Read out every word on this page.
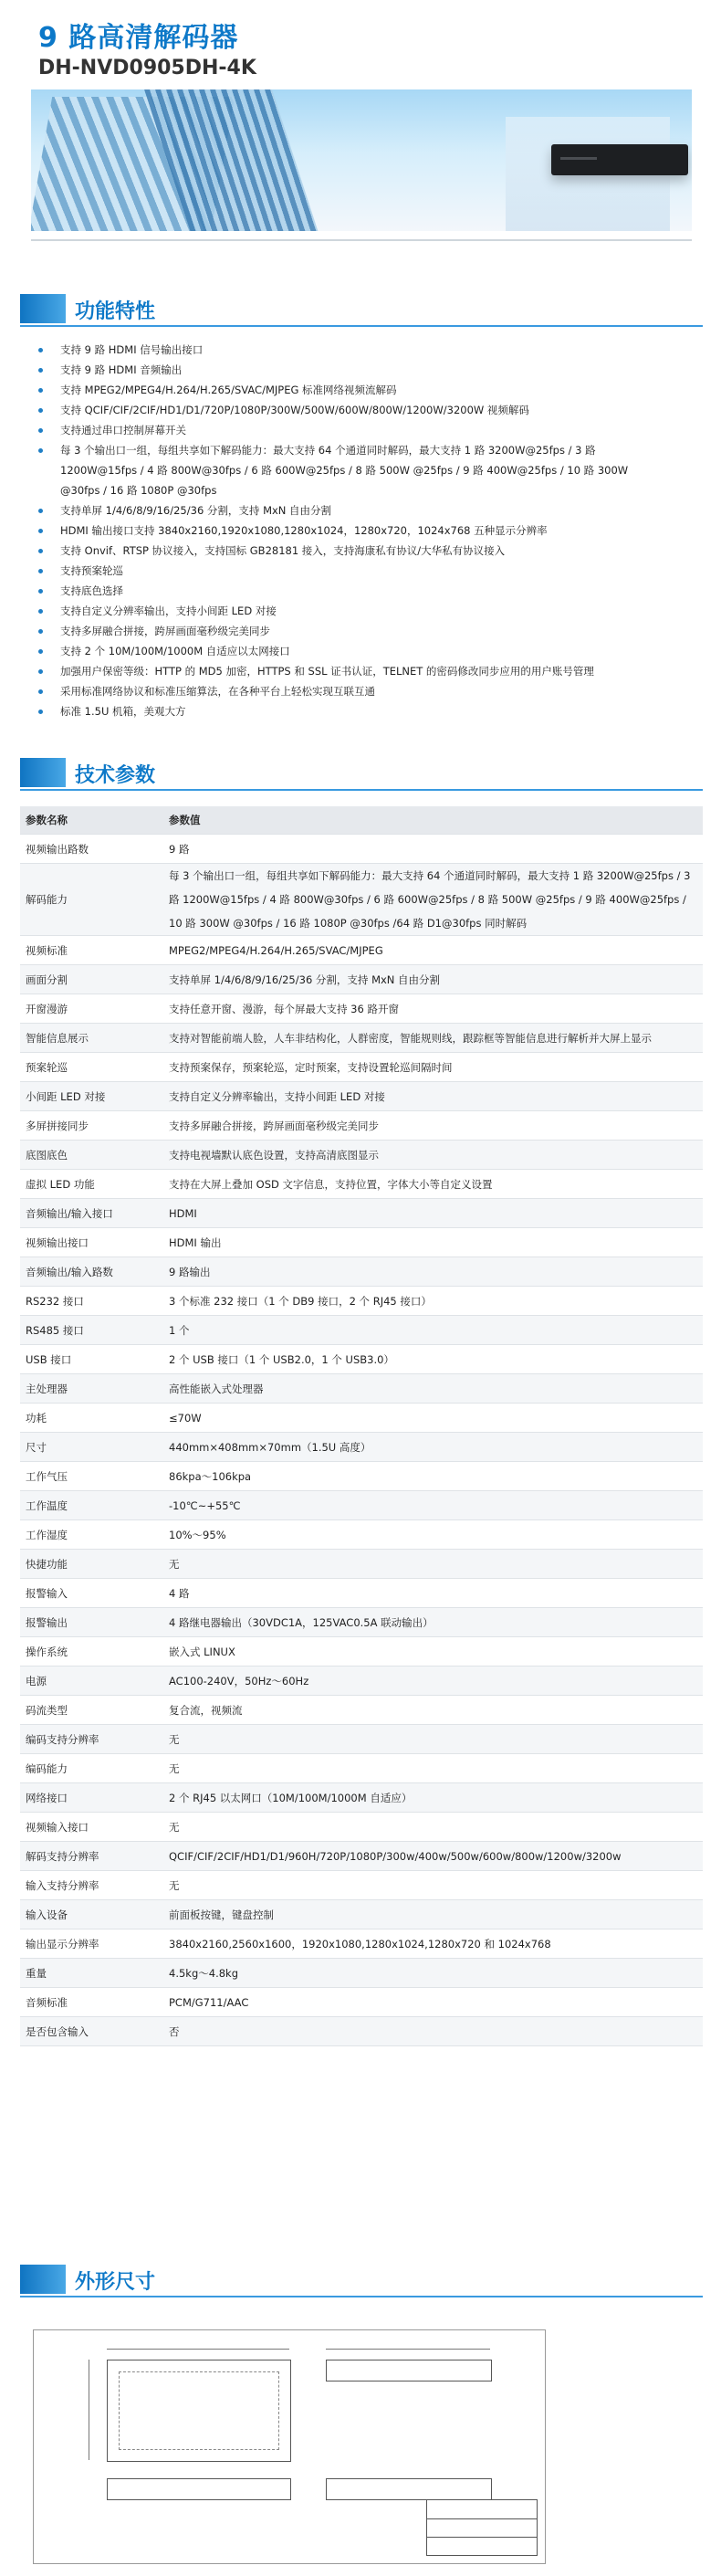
9 路高清解码器
DH-NVD0905DH-4K
功能特性
支持 9 路 HDMI 信号输出接口
支持 9 路 HDMI 音频输出
支持 MPEG2/MPEG4/H.264/H.265/SVAC/MJPEG 标准网络视频流解码
支持 QCIF/CIF/2CIF/HD1/D1/720P/1080P/300W/500W/600W/800W/1200W/3200W 视频解码
支持通过串口控制屏幕开关
每 3 个输出口一组，每组共享如下解码能力：最大支持 64 个通道同时解码，最大支持 1 路 3200W@25fps / 3 路 1200W@15fps / 4 路 800W@30fps / 6 路 600W@25fps / 8 路 500W @25fps / 9 路 400W@25fps / 10 路 300W @30fps / 16 路 1080P @30fps
支持单屏 1/4/6/8/9/16/25/36 分割，支持 MxN 自由分割
HDMI 输出接口支持 3840x2160,1920x1080,1280x1024，1280x720，1024x768 五种显示分辨率
支持 Onvif、RTSP 协议接入，支持国标 GB28181 接入，支持海康私有协议/大华私有协议接入
支持预案轮巡
支持底色选择
支持自定义分辨率输出，支持小间距 LED 对接
支持多屏融合拼接，跨屏画面毫秒级完美同步
支持 2 个 10M/100M/1000M 自适应以太网接口
加强用户保密等级：HTTP 的 MD5 加密，HTTPS 和 SSL 证书认证，TELNET 的密码修改同步应用的用户账号管理
采用标准网络协议和标准压缩算法，在各种平台上轻松实现互联互通
标准 1.5U 机箱，美观大方
技术参数
参数名称	参数值
视频输出路数	9 路
解码能力	每 3 个输出口一组，每组共享如下解码能力：最大支持 64 个通道同时解码，最大支持 1 路 3200W@25fps / 3 路 1200W@15fps / 4 路 800W@30fps / 6 路 600W@25fps / 8 路 500W @25fps / 9 路 400W@25fps / 10 路 300W @30fps / 16 路 1080P @30fps /64 路 D1@30fps 同时解码
视频标准	MPEG2/MPEG4/H.264/H.265/SVAC/MJPEG
画面分割	支持单屏 1/4/6/8/9/16/25/36 分割，支持 MxN 自由分割
开窗漫游	支持任意开窗、漫游，每个屏最大支持 36 路开窗
智能信息展示	支持对智能前端人脸，人车非结构化，人群密度，智能规则线，跟踪框等智能信息进行解析并大屏上显示
预案轮巡	支持预案保存，预案轮巡，定时预案，支持设置轮巡间隔时间
小间距 LED 对接	支持自定义分辨率输出，支持小间距 LED 对接
多屏拼接同步	支持多屏融合拼接，跨屏画面毫秒级完美同步
底图底色	支持电视墙默认底色设置，支持高清底图显示
虚拟 LED 功能	支持在大屏上叠加 OSD 文字信息，支持位置，字体大小等自定义设置
音频输出/输入接口	HDMI
视频输出接口	HDMI 输出
音频输出/输入路数	9 路输出
RS232 接口	3 个标准 232 接口（1 个 DB9 接口，2 个 RJ45 接口）
RS485 接口	1 个
USB 接口	2 个 USB 接口（1 个 USB2.0，1 个 USB3.0）
主处理器	高性能嵌入式处理器
功耗	≤70W
尺寸	440mm×408mm×70mm（1.5U 高度）
工作气压	86kpa～106kpa
工作温度	-10℃~+55℃
工作湿度	10%～95%
快捷功能	无
报警输入	4 路
报警输出	4 路继电器输出（30VDC1A，125VAC0.5A 联动输出）
操作系统	嵌入式 LINUX
电源	AC100-240V，50Hz～60Hz
码流类型	复合流，视频流
编码支持分辨率	无
编码能力	无
网络接口	2 个 RJ45 以太网口（10M/100M/1000M 自适应）
视频输入接口	无
解码支持分辨率	QCIF/CIF/2CIF/HD1/D1/960H/720P/1080P/300w/400w/500w/600w/800w/1200w/3200w
输入支持分辨率	无
输入设备	前面板按键，键盘控制
输出显示分辨率	3840x2160,2560x1600，1920x1080,1280x1024,1280x720 和 1024x768
重量	4.5kg～4.8kg
音频标准	PCM/G711/AAC
是否包含输入	否
外形尺寸
